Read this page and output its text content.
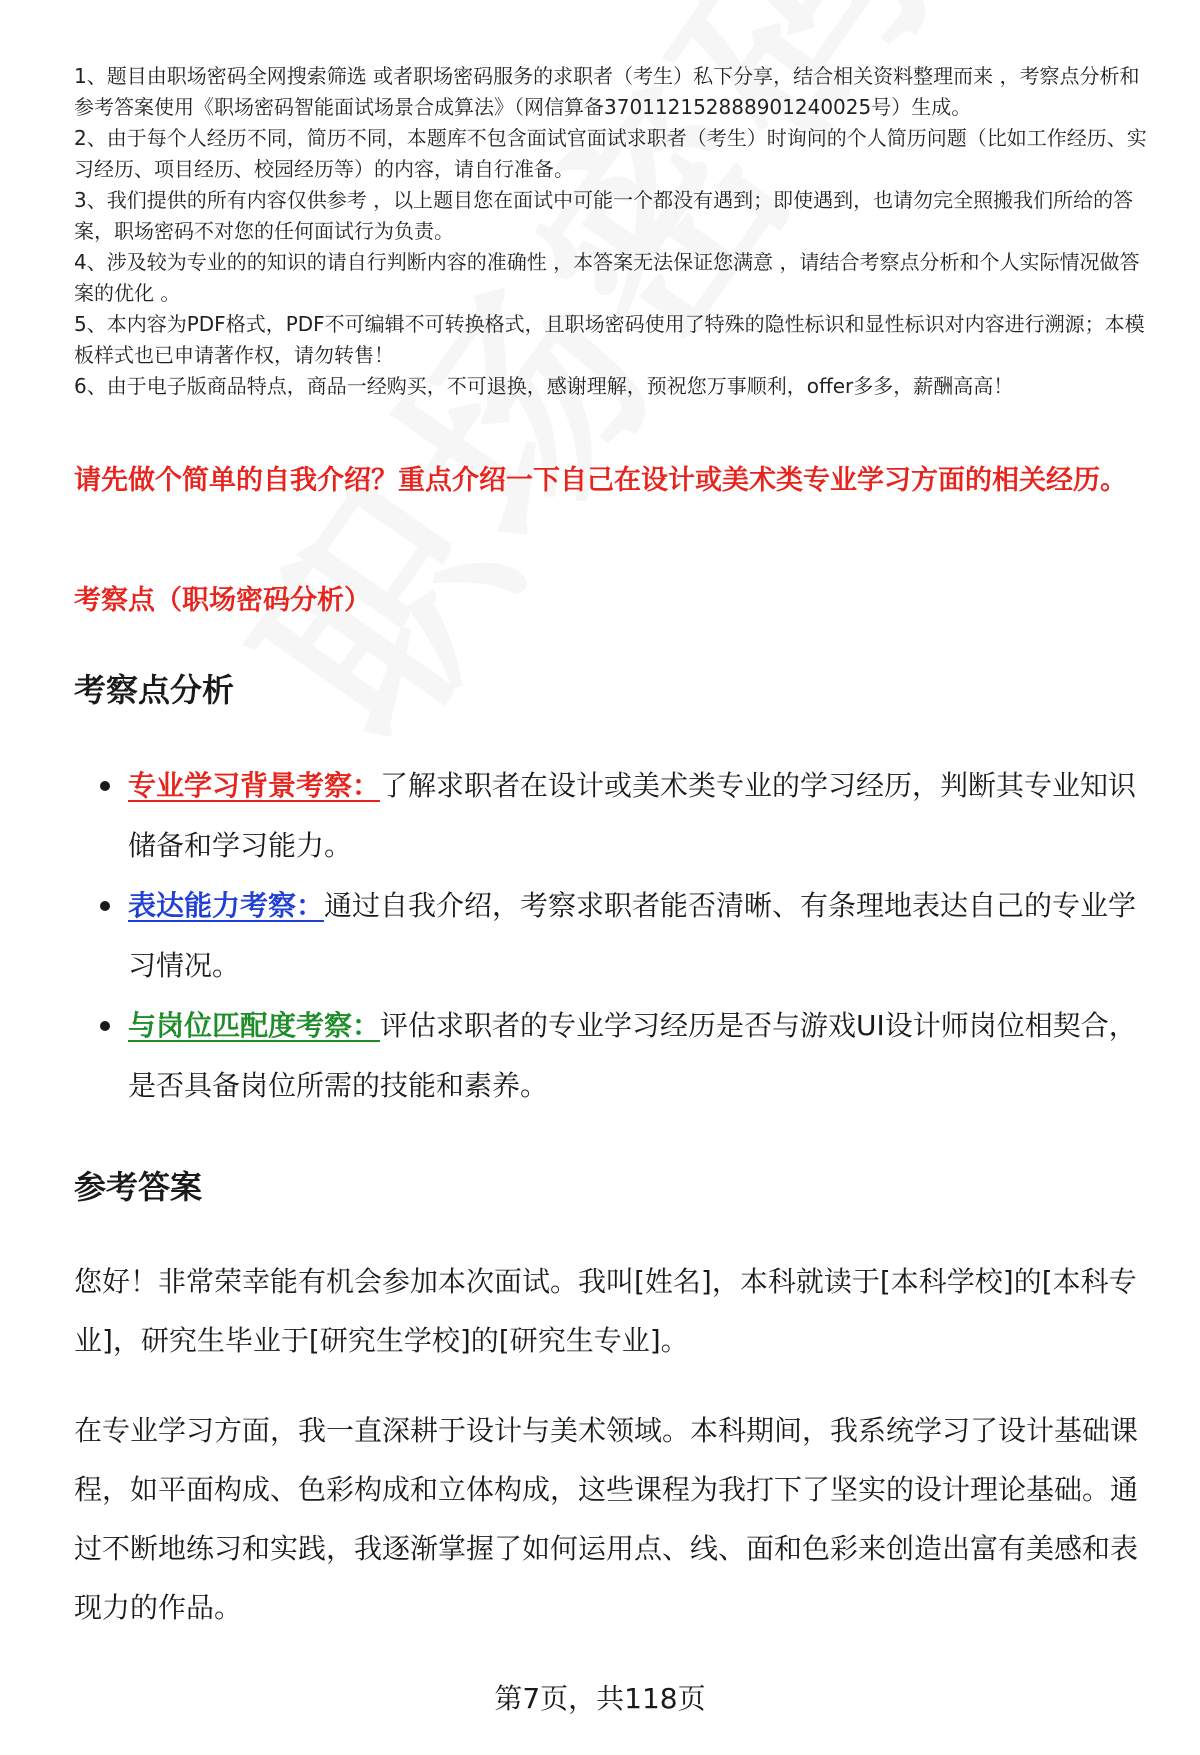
1、题目由职场密码全网搜索筛选 或者职场密码服务的求职者（考生）私下分享，结合相关资料整理而来 ，考察点分析和参考答案使用《职场密码智能面试场景合成算法》（网信算备370112152888901240025号）生成。

2、由于每个人经历不同，简历不同，本题库不包含面试官面试求职者（考生）时询问的个人简历问题（比如工作经历、实习经历、项目经历、校园经历等）的内容，请自行准备。

3、我们提供的所有内容仅供参考 ，以上题目您在面试中可能一个都没有遇到；即使遇到，也请勿完全照搬我们所给的答案，职场密码不对您的任何面试行为负责。

4、涉及较为专业的的知识的请自行判断内容的准确性 ，本答案无法保证您满意 ，请结合考察点分析和个人实际情况做答案的优化 。

5、本内容为PDF格式，PDF不可编辑不可转换格式，且职场密码使用了特殊的隐性标识和显性标识对内容进行溯源；本模板样式也已申请著作权，请勿转售！

6、由于电子版商品特点，商品一经购买，不可退换，感谢理解，预祝您万事顺利，offer多多，薪酬高高！

请先做个简单的自我介绍？重点介绍一下自己在设计或美术类专业学习方面的相关经历。
考察点（职场密码分析）
考察点分析
专业学习背景考察：了解求职者在设计或美术类专业的学习经历，判断其专业知识储备和学习能力。
表达能力考察：通过自我介绍，考察求职者能否清晰、有条理地表达自己的专业学习情况。
与岗位匹配度考察：评估求职者的专业学习经历是否与游戏UI设计师岗位相契合，是否具备岗位所需的技能和素养。
参考答案

您好！非常荣幸能有机会参加本次面试。我叫[姓名]，本科就读于[本科学校]的[本科专业]，研究生毕业于[研究生学校]的[研究生专业]。

在专业学习方面，我一直深耕于设计与美术领域。本科期间，我系统学习了设计基础课程，如平面构成、色彩构成和立体构成，这些课程为我打下了坚实的设计理论基础。通过不断地练习和实践，我逐渐掌握了如何运用点、线、面和色彩来创造出富有美感和表现力的作品。

第7页，共118页
